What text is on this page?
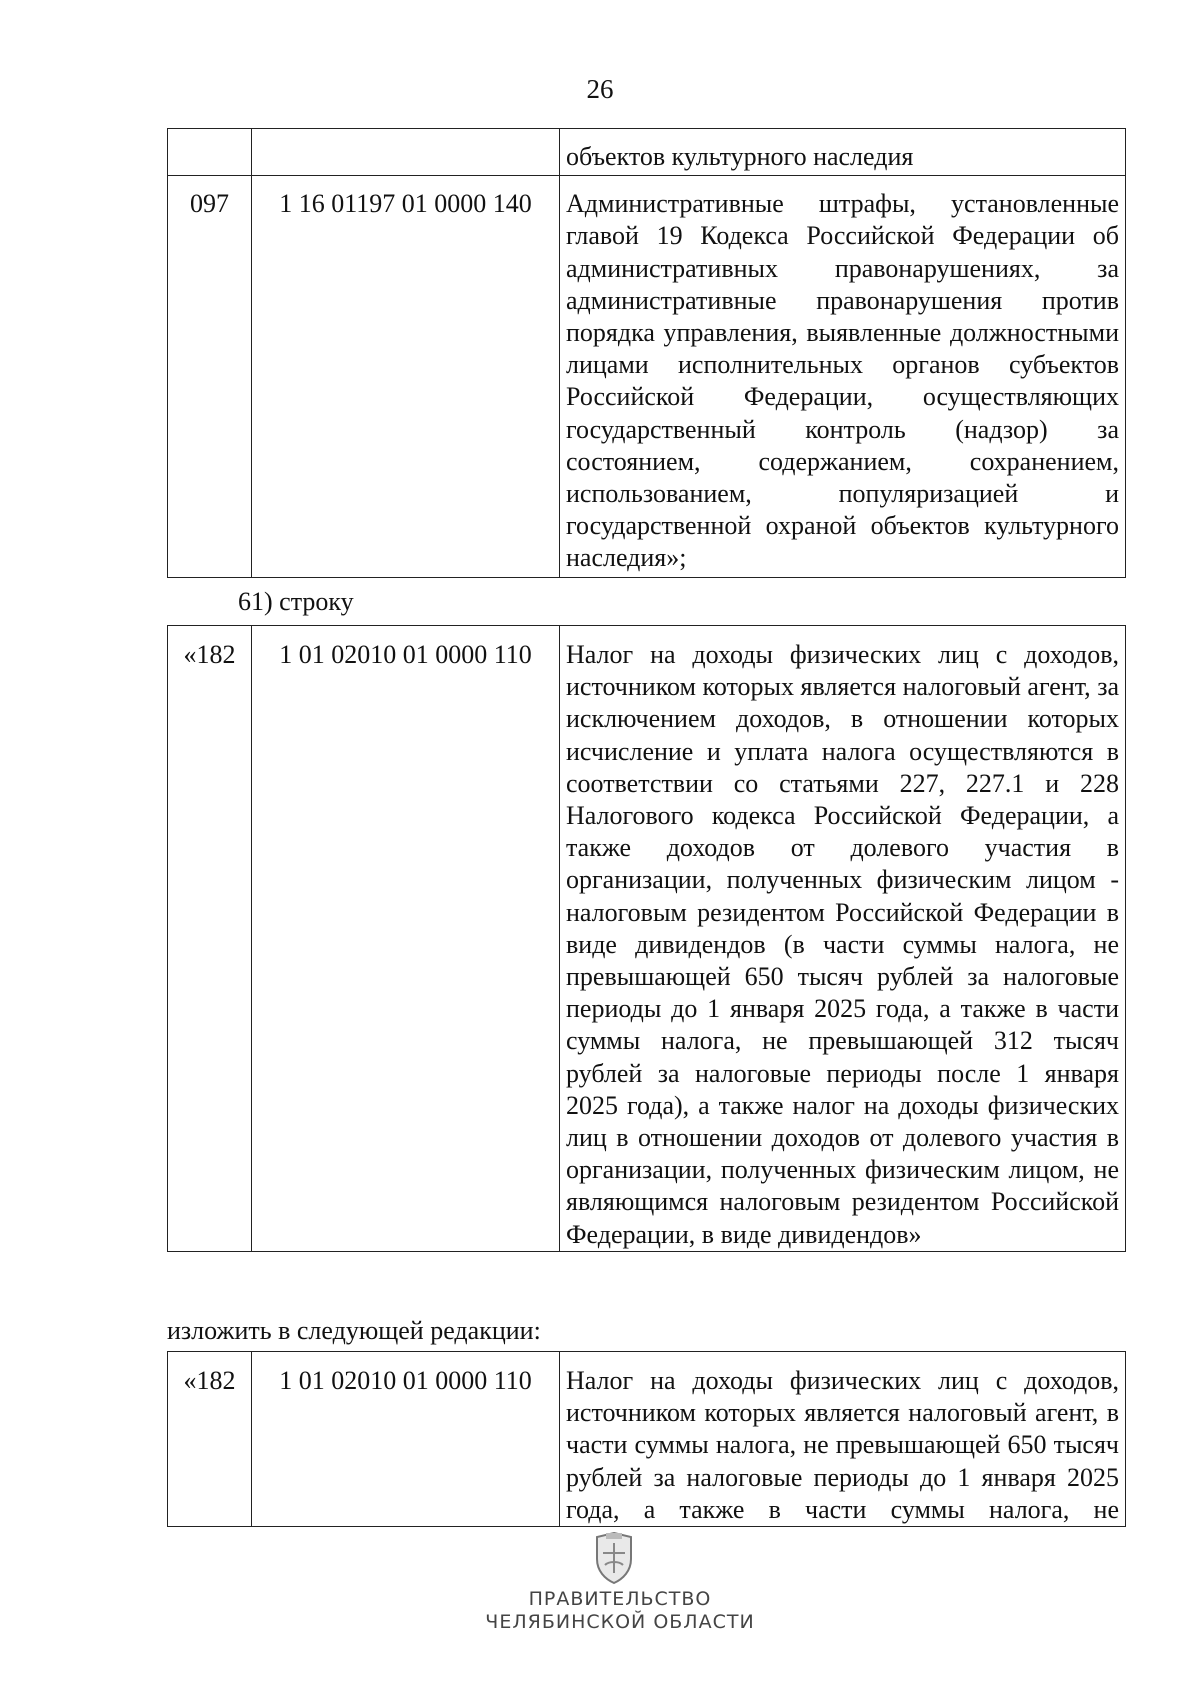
26
		объектов культурного наследия
097	1 16 01197 01 0000 140	Административные штрафы, установленные главой 19 Кодекса Российской Федерации об административных правонарушениях, за административные правонарушения против порядка управления, выявленные должностными лицами исполнительных органов субъектов Российской Федерации, осуществляющих государственный контроль (надзор) за состоянием, содержанием, сохранением, использованием, популяризацией и государственной охраной объектов культурного наследия»;
61) строку
«182	1 01 02010 01 0000 110	Налог на доходы физических лиц с доходов, источником которых является налоговый агент, за исключением доходов, в отношении которых исчисление и уплата налога осуществляются в соответствии со статьями 227, 227.1 и 228 Налогового кодекса Российской Федерации, а также доходов от долевого участия в организации, полученных физическим лицом - налоговым резидентом Российской Федерации в виде дивидендов (в части суммы налога, не превышающей 650 тысяч рублей за налоговые периоды до 1 января 2025 года, а также в части суммы налога, не превышающей 312 тысяч рублей за налоговые периоды после 1 января 2025 года), а также налог на доходы физических лиц в отношении доходов от долевого участия в организации, полученных физическим лицом, не являющимся налоговым резидентом Российской Федерации, в виде дивидендов»
изложить в следующей редакции:
«182	1 01 02010 01 0000 110	Налог на доходы физических лиц с доходов, источником которых является налоговый агент, в части суммы налога, не превышающей 650 тысяч рублей за налоговые периоды до 1 января 2025 года, а также в части суммы налога, не
ПРАВИТЕЛЬСТВО
ЧЕЛЯБИНСКОЙ ОБЛАСТИ
